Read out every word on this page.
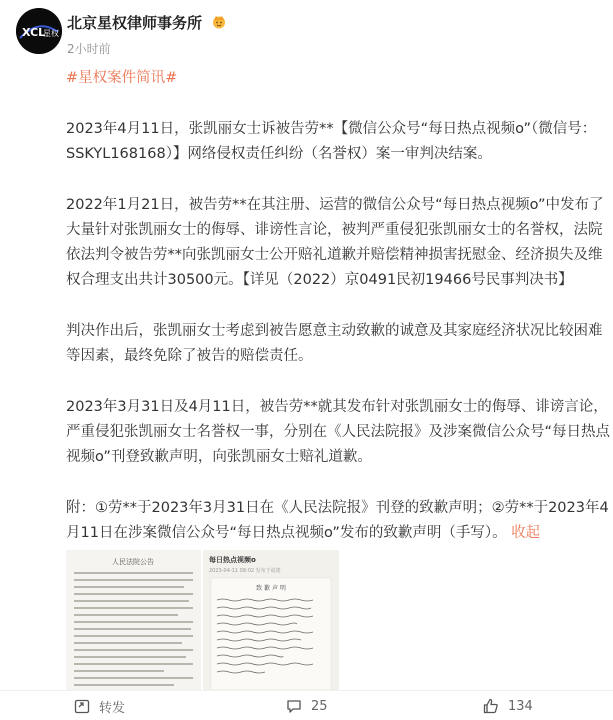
XCL
星权
北京星权律师事务所
2小时前

#星权案件简讯#

2023年4月11日，张凯丽女士诉被告劳**【微信公众号“每日热点视频o”（微信号：SSKYL168168）】网络侵权责任纠纷（名誉权）案一审判决结案。

2022年1月21日，被告劳**在其注册、运营的微信公众号“每日热点视频o”中发布了大量针对张凯丽女士的侮辱、诽谤性言论，被判严重侵犯张凯丽女士的名誉权，法院依法判令被告劳**向张凯丽女士公开赔礼道歉并赔偿精神损害抚慰金、经济损失及维权合理支出共计30500元。【详见（2022）京0491民初19466号民事判决书】

判决作出后，张凯丽女士考虑到被告愿意主动致歉的诚意及其家庭经济状况比较困难等因素，最终免除了被告的赔偿责任。

2023年3月31日及4月11日，被告劳**就其发布针对张凯丽女士的侮辱、诽谤言论，严重侵犯张凯丽女士名誉权一事，分别在《人民法院报》及涉案微信公众号“每日热点视频o”刊登致歉声明，向张凯丽女士赔礼道歉。

附：①劳**于2023年3月31日在《人民法院报》刊登的致歉声明；②劳**于2023年4月11日在涉案微信公众号“每日热点视频o”发布的致歉声明（手写）。 收起

人民法院公告	每日热点视频o
2023-04-11 08:02 发布于福建
致 歉 声 明
转发	25	134
